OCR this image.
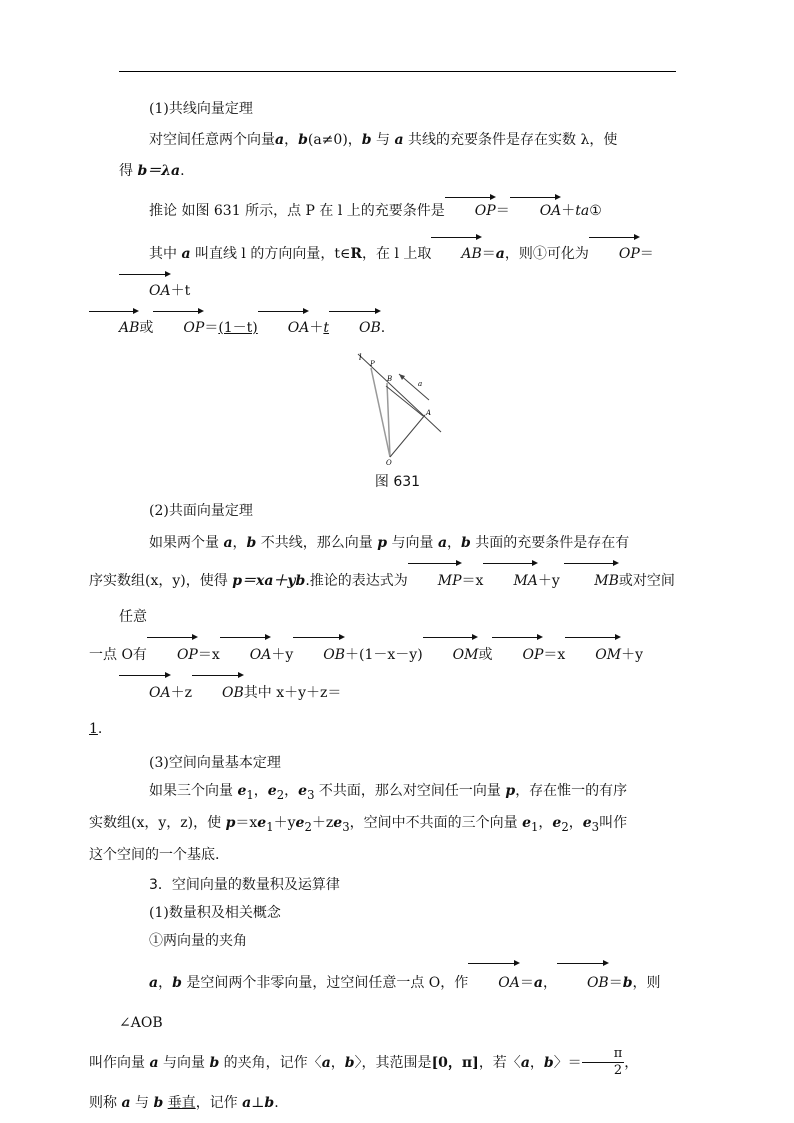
(1)共线向量定理

对空间任意两个向量a，b(a≠0)，b 与 a 共线的充要条件是存在实数 λ，使
得 b＝λa.

推论 如图 631 所示，点 P 在 l 上的充要条件是 OP＝ OA＋ta①

其中 a 叫直线 l 的方向向量，t∈R，在 l 上取 AB＝a，则①可化为 OP＝OA＋t
AB或 OP＝(1－t) OA＋t OB.

l
P
B
a
A
O
图 631

(2)共面向量定理

如果两个量 a，b 不共线，那么向量 p 与向量 a，b 共面的充要条件是存在有
序实数组(x，y)，使得 p＝xa＋yb.推论的表达式为 MP＝x MA＋y MB或对空间任意
一点 O有 OP＝x OA＋y OB＋(1－x－y) OM或 OP＝x OM＋yOA＋z OB其中 x＋y＋z＝
1.

(3)空间向量基本定理

如果三个向量 $e_1$，$e_2$，$e_3$ 不共面，那么对空间任一向量 p，存在惟一的有序
实数组(x，y，z)，使 $p=xe_1+ye_2+ze_3$，空间中不共面的三个向量 $e_1$，$e_2$，$e_3$叫作
这个空间的一个基底.

3．空间向量的数量积及运算律

(1)数量积及相关概念

①两向量的夹角

a，b 是空间两个非零向量，过空间任意一点 O，作 OA＝a， OB＝b，则∠AOB
叫作向量 a 与向量 b 的夹角，记作〈a，b〉，其范围是[0，π]，若〈a，b〉＝ $\frac{\pi}{2}$ ，
则称 a 与 b 垂直，记作 a⊥b.
